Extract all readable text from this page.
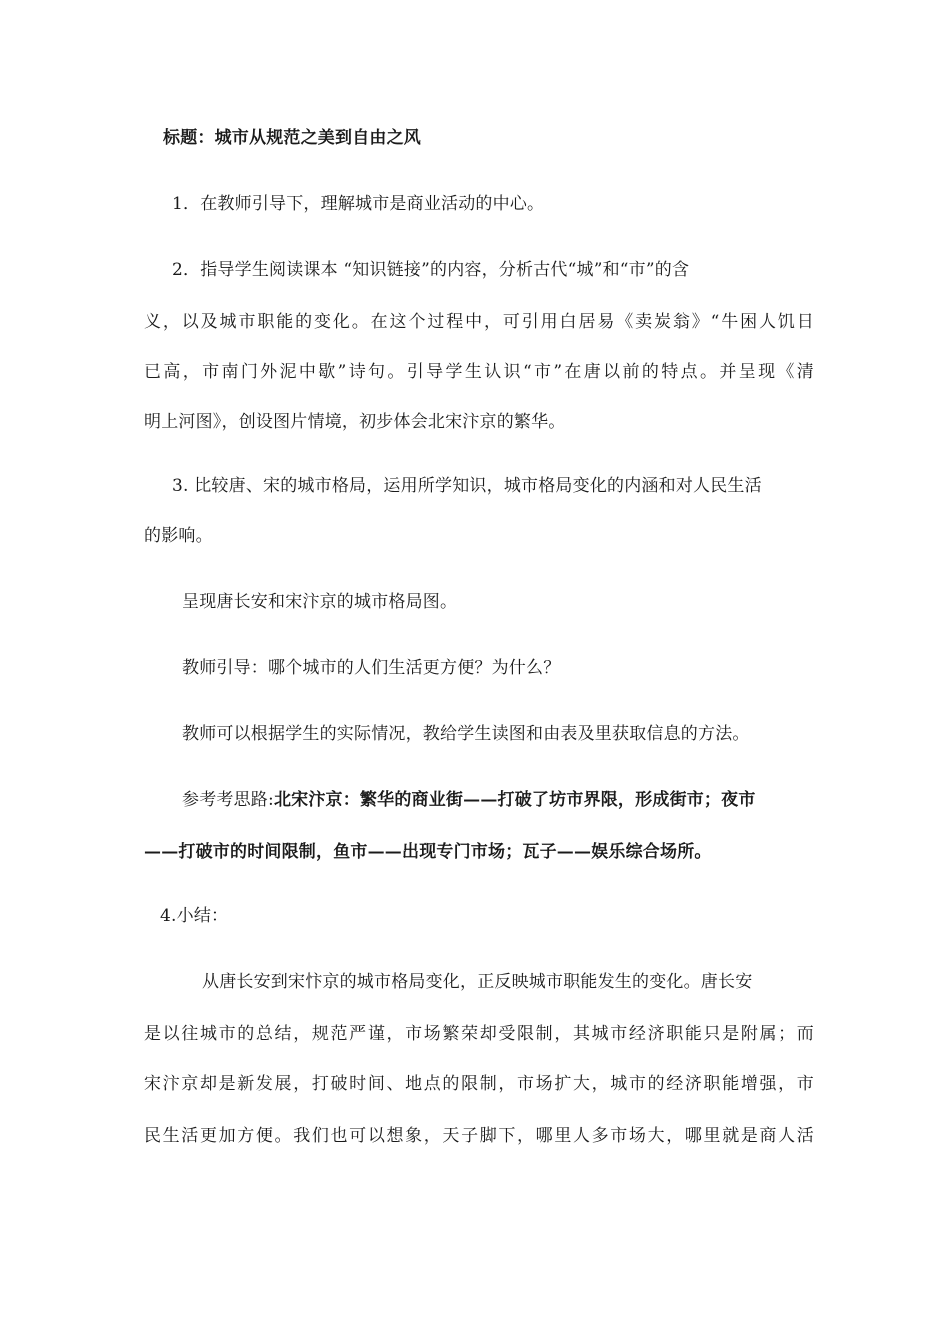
标题：城市从规范之美到自由之风
1．在教师引导下，理解城市是商业活动的中心。
2．指导学生阅读课本 “知识链接”的内容，分析古代“城”和“市”的含
义，以及城市职能的变化。在这个过程中，可引用白居易《卖炭翁》“牛困人饥日
已高，市南门外泥中歇”诗句。引导学生认识“市”在唐以前的特点。并呈现《清
明上河图》，创设图片情境，初步体会北宋汴京的繁华。
3. 比较唐、宋的城市格局，运用所学知识，城市格局变化的内涵和对人民生活
的影响。
呈现唐长安和宋汴京的城市格局图。
教师引导：哪个城市的人们生活更方便？为什么？
教师可以根据学生的实际情况，教给学生读图和由表及里获取信息的方法。
参考考思路:北宋汴京：繁华的商业街——打破了坊市界限，形成街市；夜市
——打破市的时间限制，鱼市——出现专门市场；瓦子——娱乐综合场所。
4.小结：
从唐长安到宋忭京的城市格局变化，正反映城市职能发生的变化。唐长安
是以往城市的总结，规范严谨，市场繁荣却受限制，其城市经济职能只是附属；而
宋汴京却是新发展，打破时间、地点的限制，市场扩大，城市的经济职能增强，市
民生活更加方便。我们也可以想象，天子脚下，哪里人多市场大，哪里就是商人活
